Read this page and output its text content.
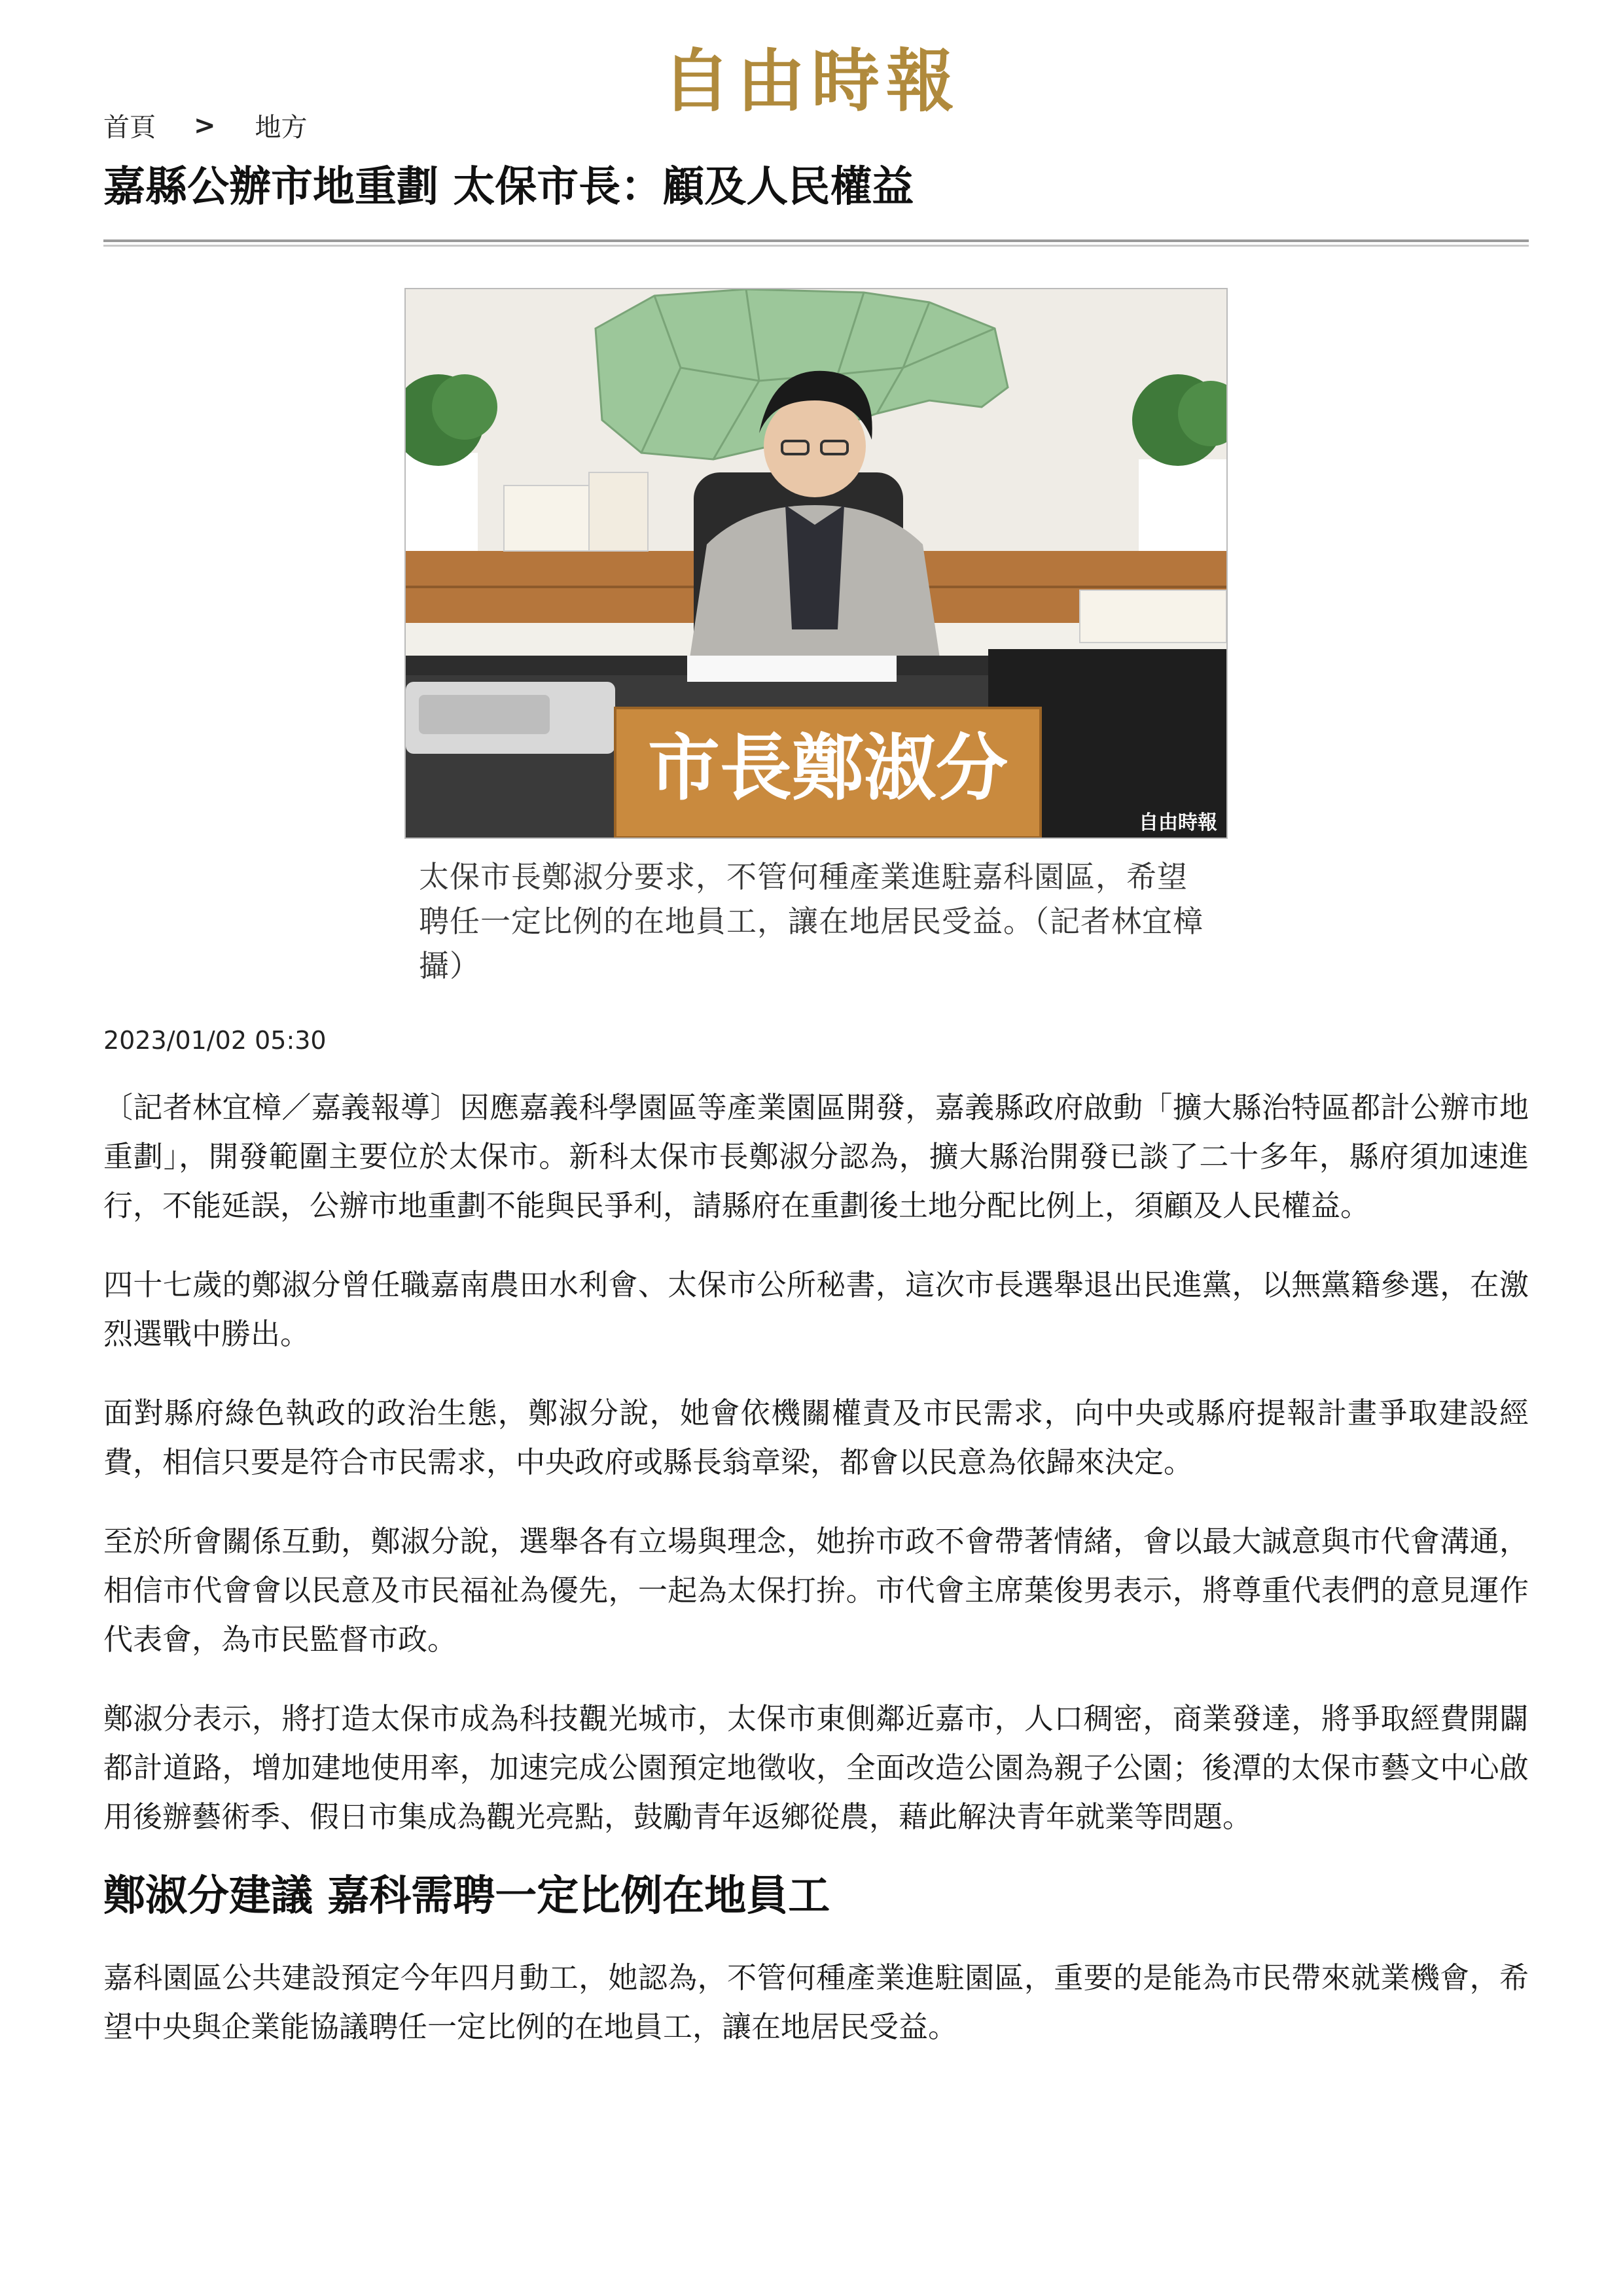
自由時報
首頁 > 地方
嘉縣公辦市地重劃 太保市長：顧及人民權益
市長鄭淑分
自由時報
太保市長鄭淑分要求，不管何種產業進駐嘉科園區，希望聘任一定比例的在地員工，讓在地居民受益。（記者林宜樟攝）
2023/01/02 05:30

〔記者林宜樟／嘉義報導〕因應嘉義科學園區等產業園區開發，嘉義縣政府啟動「擴大縣治特區都計公辦市地重劃」，開發範圍主要位於太保市。新科太保市長鄭淑分認為，擴大縣治開發已談了二十多年，縣府須加速進行，不能延誤，公辦市地重劃不能與民爭利，請縣府在重劃後土地分配比例上，須顧及人民權益。

四十七歲的鄭淑分曾任職嘉南農田水利會、太保市公所秘書，這次市長選舉退出民進黨，以無黨籍參選，在激烈選戰中勝出。

面對縣府綠色執政的政治生態，鄭淑分說，她會依機關權責及市民需求，向中央或縣府提報計畫爭取建設經費，相信只要是符合市民需求，中央政府或縣長翁章梁，都會以民意為依歸來決定。

至於所會關係互動，鄭淑分說，選舉各有立場與理念，她拚市政不會帶著情緒，會以最大誠意與市代會溝通，相信市代會會以民意及市民福祉為優先，一起為太保打拚。市代會主席葉俊男表示，將尊重代表們的意見運作代表會，為市民監督市政。

鄭淑分表示，將打造太保市成為科技觀光城市，太保市東側鄰近嘉市，人口稠密，商業發達，將爭取經費開闢都計道路，增加建地使用率，加速完成公園預定地徵收，全面改造公園為親子公園；後潭的太保市藝文中心啟用後辦藝術季、假日市集成為觀光亮點，鼓勵青年返鄉從農，藉此解決青年就業等問題。

鄭淑分建議 嘉科需聘一定比例在地員工

嘉科園區公共建設預定今年四月動工，她認為，不管何種產業進駐園區，重要的是能為市民帶來就業機會，希望中央與企業能協議聘任一定比例的在地員工，讓在地居民受益。
